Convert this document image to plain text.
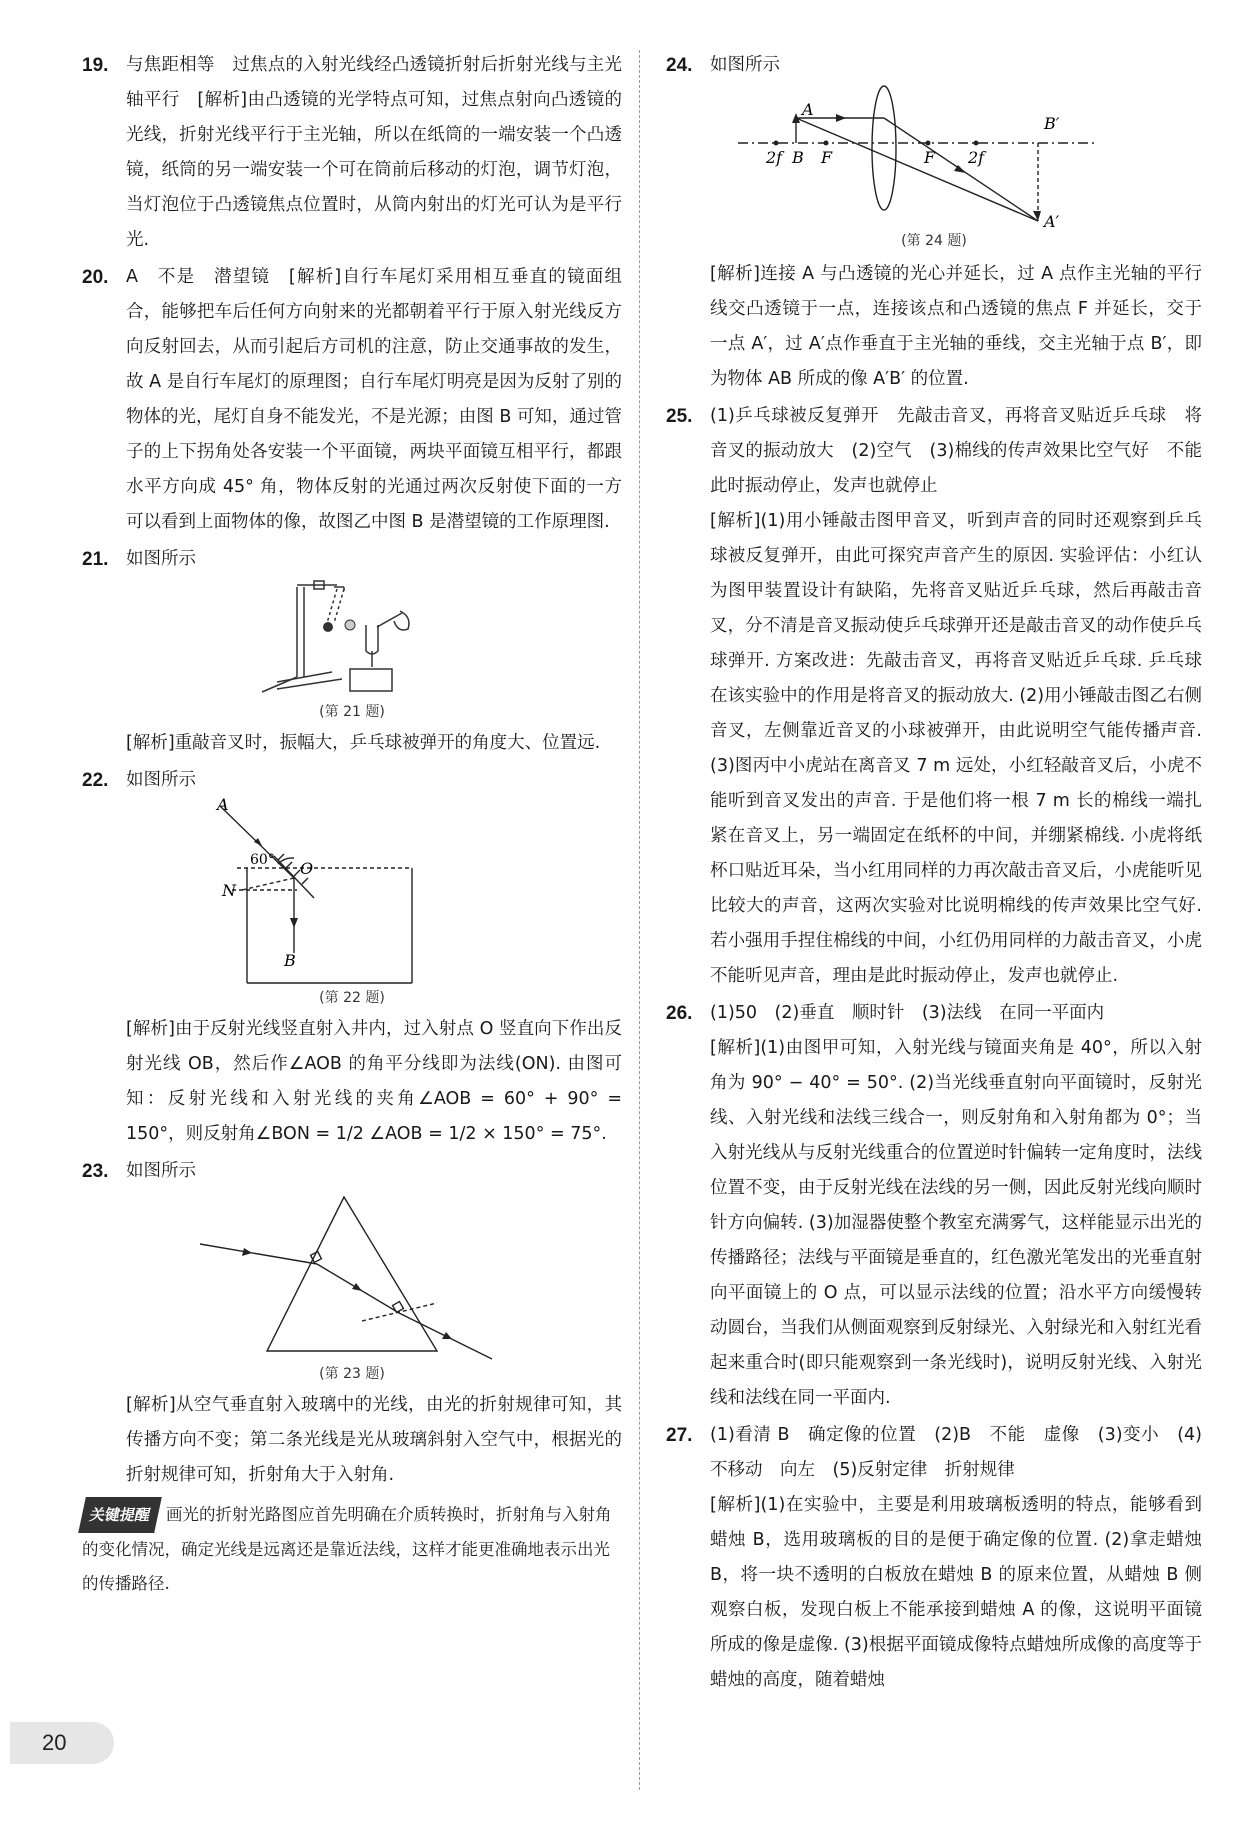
19. 与焦距相等　过焦点的入射光线经凸透镜折射后折射光线与主光轴平行　[解析]由凸透镜的光学特点可知，过焦点射向凸透镜的光线，折射光线平行于主光轴，所以在纸筒的一端安装一个凸透镜，纸筒的另一端安装一个可在筒前后移动的灯泡，调节灯泡，当灯泡位于凸透镜焦点位置时，从筒内射出的灯光可认为是平行光.
20. A　不是　潜望镜　[解析]自行车尾灯采用相互垂直的镜面组合，能够把车后任何方向射来的光都朝着平行于原入射光线反方向反射回去，从而引起后方司机的注意，防止交通事故的发生，故 A 是自行车尾灯的原理图；自行车尾灯明亮是因为反射了别的物体的光，尾灯自身不能发光，不是光源；由图 B 可知，通过管子的上下拐角处各安装一个平面镜，两块平面镜互相平行，都跟水平方向成 45° 角，物体反射的光通过两次反射使下面的一方可以看到上面物体的像，故图乙中图 B 是潜望镜的工作原理图.
21. 如图所示
(第 21 题)
[解析]重敲音叉时，振幅大，乒乓球被弹开的角度大、位置远.
22. 如图所示
A
O
N
B
60°
(第 22 题)
[解析]由于反射光线竖直射入井内，过入射点 O 竖直向下作出反射光线 OB，然后作∠AOB 的角平分线即为法线(ON). 由图可知：反射光线和入射光线的夹角∠AOB = 60° + 90° = 150°，则反射角∠BON = 1/2 ∠AOB = 1/2 × 150° = 75°.
23. 如图所示
(第 23 题)
[解析]从空气垂直射入玻璃中的光线，由光的折射规律可知，其传播方向不变；第二条光线是光从玻璃斜射入空气中，根据光的折射规律可知，折射角大于入射角.
关键提醒 画光的折射光路图应首先明确在介质转换时，折射角与入射角的变化情况，确定光线是远离还是靠近法线，这样才能更准确地表示出光的传播路径.
24. 如图所示
A
B
2f F	F 2f
B′
A′
(第 24 题)
[解析]连接 A 与凸透镜的光心并延长，过 A 点作主光轴的平行线交凸透镜于一点，连接该点和凸透镜的焦点 F 并延长，交于一点 A′，过 A′点作垂直于主光轴的垂线，交主光轴于点 B′，即为物体 AB 所成的像 A′B′ 的位置.
25. (1)乒乓球被反复弹开　先敲击音叉，再将音叉贴近乒乓球　将音叉的振动放大　(2)空气　(3)棉线的传声效果比空气好　不能　此时振动停止，发声也就停止
[解析](1)用小锤敲击图甲音叉，听到声音的同时还观察到乒乓球被反复弹开，由此可探究声音产生的原因. 实验评估：小红认为图甲装置设计有缺陷，先将音叉贴近乒乓球，然后再敲击音叉，分不清是音叉振动使乒乓球弹开还是敲击音叉的动作使乒乓球弹开. 方案改进：先敲击音叉，再将音叉贴近乒乓球. 乒乓球在该实验中的作用是将音叉的振动放大. (2)用小锤敲击图乙右侧音叉，左侧靠近音叉的小球被弹开，由此说明空气能传播声音. (3)图丙中小虎站在离音叉 7 m 远处，小红轻敲音叉后，小虎不能听到音叉发出的声音. 于是他们将一根 7 m 长的棉线一端扎紧在音叉上，另一端固定在纸杯的中间，并绷紧棉线. 小虎将纸杯口贴近耳朵，当小红用同样的力再次敲击音叉后，小虎能听见比较大的声音，这两次实验对比说明棉线的传声效果比空气好. 若小强用手捏住棉线的中间，小红仍用同样的力敲击音叉，小虎不能听见声音，理由是此时振动停止，发声也就停止.
26. (1)50　(2)垂直　顺时针　(3)法线　在同一平面内
[解析](1)由图甲可知，入射光线与镜面夹角是 40°，所以入射角为 90° − 40° = 50°. (2)当光线垂直射向平面镜时，反射光线、入射光线和法线三线合一，则反射角和入射角都为 0°；当入射光线从与反射光线重合的位置逆时针偏转一定角度时，法线位置不变，由于反射光线在法线的另一侧，因此反射光线向顺时针方向偏转. (3)加湿器使整个教室充满雾气，这样能显示出光的传播路径；法线与平面镜是垂直的，红色激光笔发出的光垂直射向平面镜上的 O 点，可以显示法线的位置；沿水平方向缓慢转动圆台，当我们从侧面观察到反射绿光、入射绿光和入射红光看起来重合时(即只能观察到一条光线时)，说明反射光线、入射光线和法线在同一平面内.
27. (1)看清 B　确定像的位置　(2)B　不能　虚像　(3)变小　(4)不移动　向左　(5)反射定律　折射规律
[解析](1)在实验中，主要是利用玻璃板透明的特点，能够看到蜡烛 B，选用玻璃板的目的是便于确定像的位置. (2)拿走蜡烛 B，将一块不透明的白板放在蜡烛 B 的原来位置，从蜡烛 B 侧观察白板，发现白板上不能承接到蜡烛 A 的像，这说明平面镜所成的像是虚像. (3)根据平面镜成像特点蜡烛所成像的高度等于蜡烛的高度，随着蜡烛
20
